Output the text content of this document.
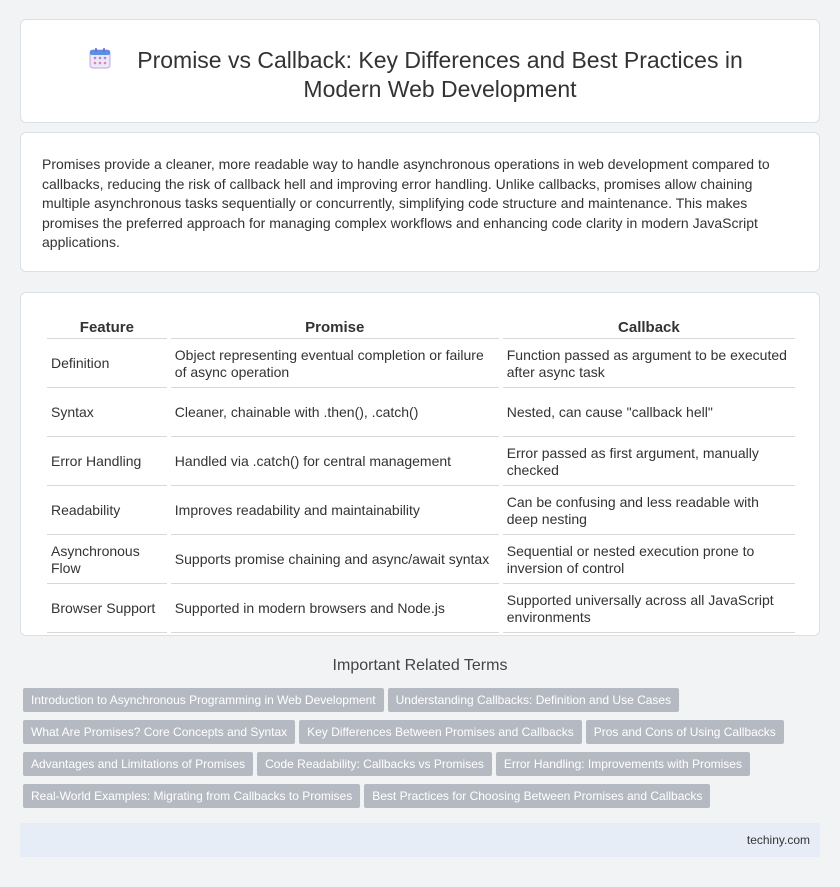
Promise vs Callback: Key Differences and Best Practices in Modern Web Development

Promises provide a cleaner, more readable way to handle asynchronous operations in web development compared to callbacks, reducing the risk of callback hell and improving error handling. Unlike callbacks, promises allow chaining multiple asynchronous tasks sequentially or concurrently, simplifying code structure and maintenance. This makes promises the preferred approach for managing complex workflows and enhancing code clarity in modern JavaScript applications.

Feature	Promise	Callback
Definition	Object representing eventual completion or failure of async operation	Function passed as argument to be executed after async task
Syntax	Cleaner, chainable with .then(), .catch()	Nested, can cause "callback hell"
Error Handling	Handled via .catch() for central management	Error passed as first argument, manually checked
Readability	Improves readability and maintainability	Can be confusing and less readable with deep nesting
Asynchronous Flow	Supports promise chaining and async/await syntax	Sequential or nested execution prone to inversion of control
Browser Support	Supported in modern browsers and Node.js	Supported universally across all JavaScript environments
Important Related Terms
Introduction to Asynchronous Programming in Web Development Understanding Callbacks: Definition and Use Cases
What Are Promises? Core Concepts and Syntax Key Differences Between Promises and Callbacks Pros and Cons of Using Callbacks
Advantages and Limitations of Promises Code Readability: Callbacks vs Promises Error Handling: Improvements with Promises
Real-World Examples: Migrating from Callbacks to Promises Best Practices for Choosing Between Promises and Callbacks
techiny.com
